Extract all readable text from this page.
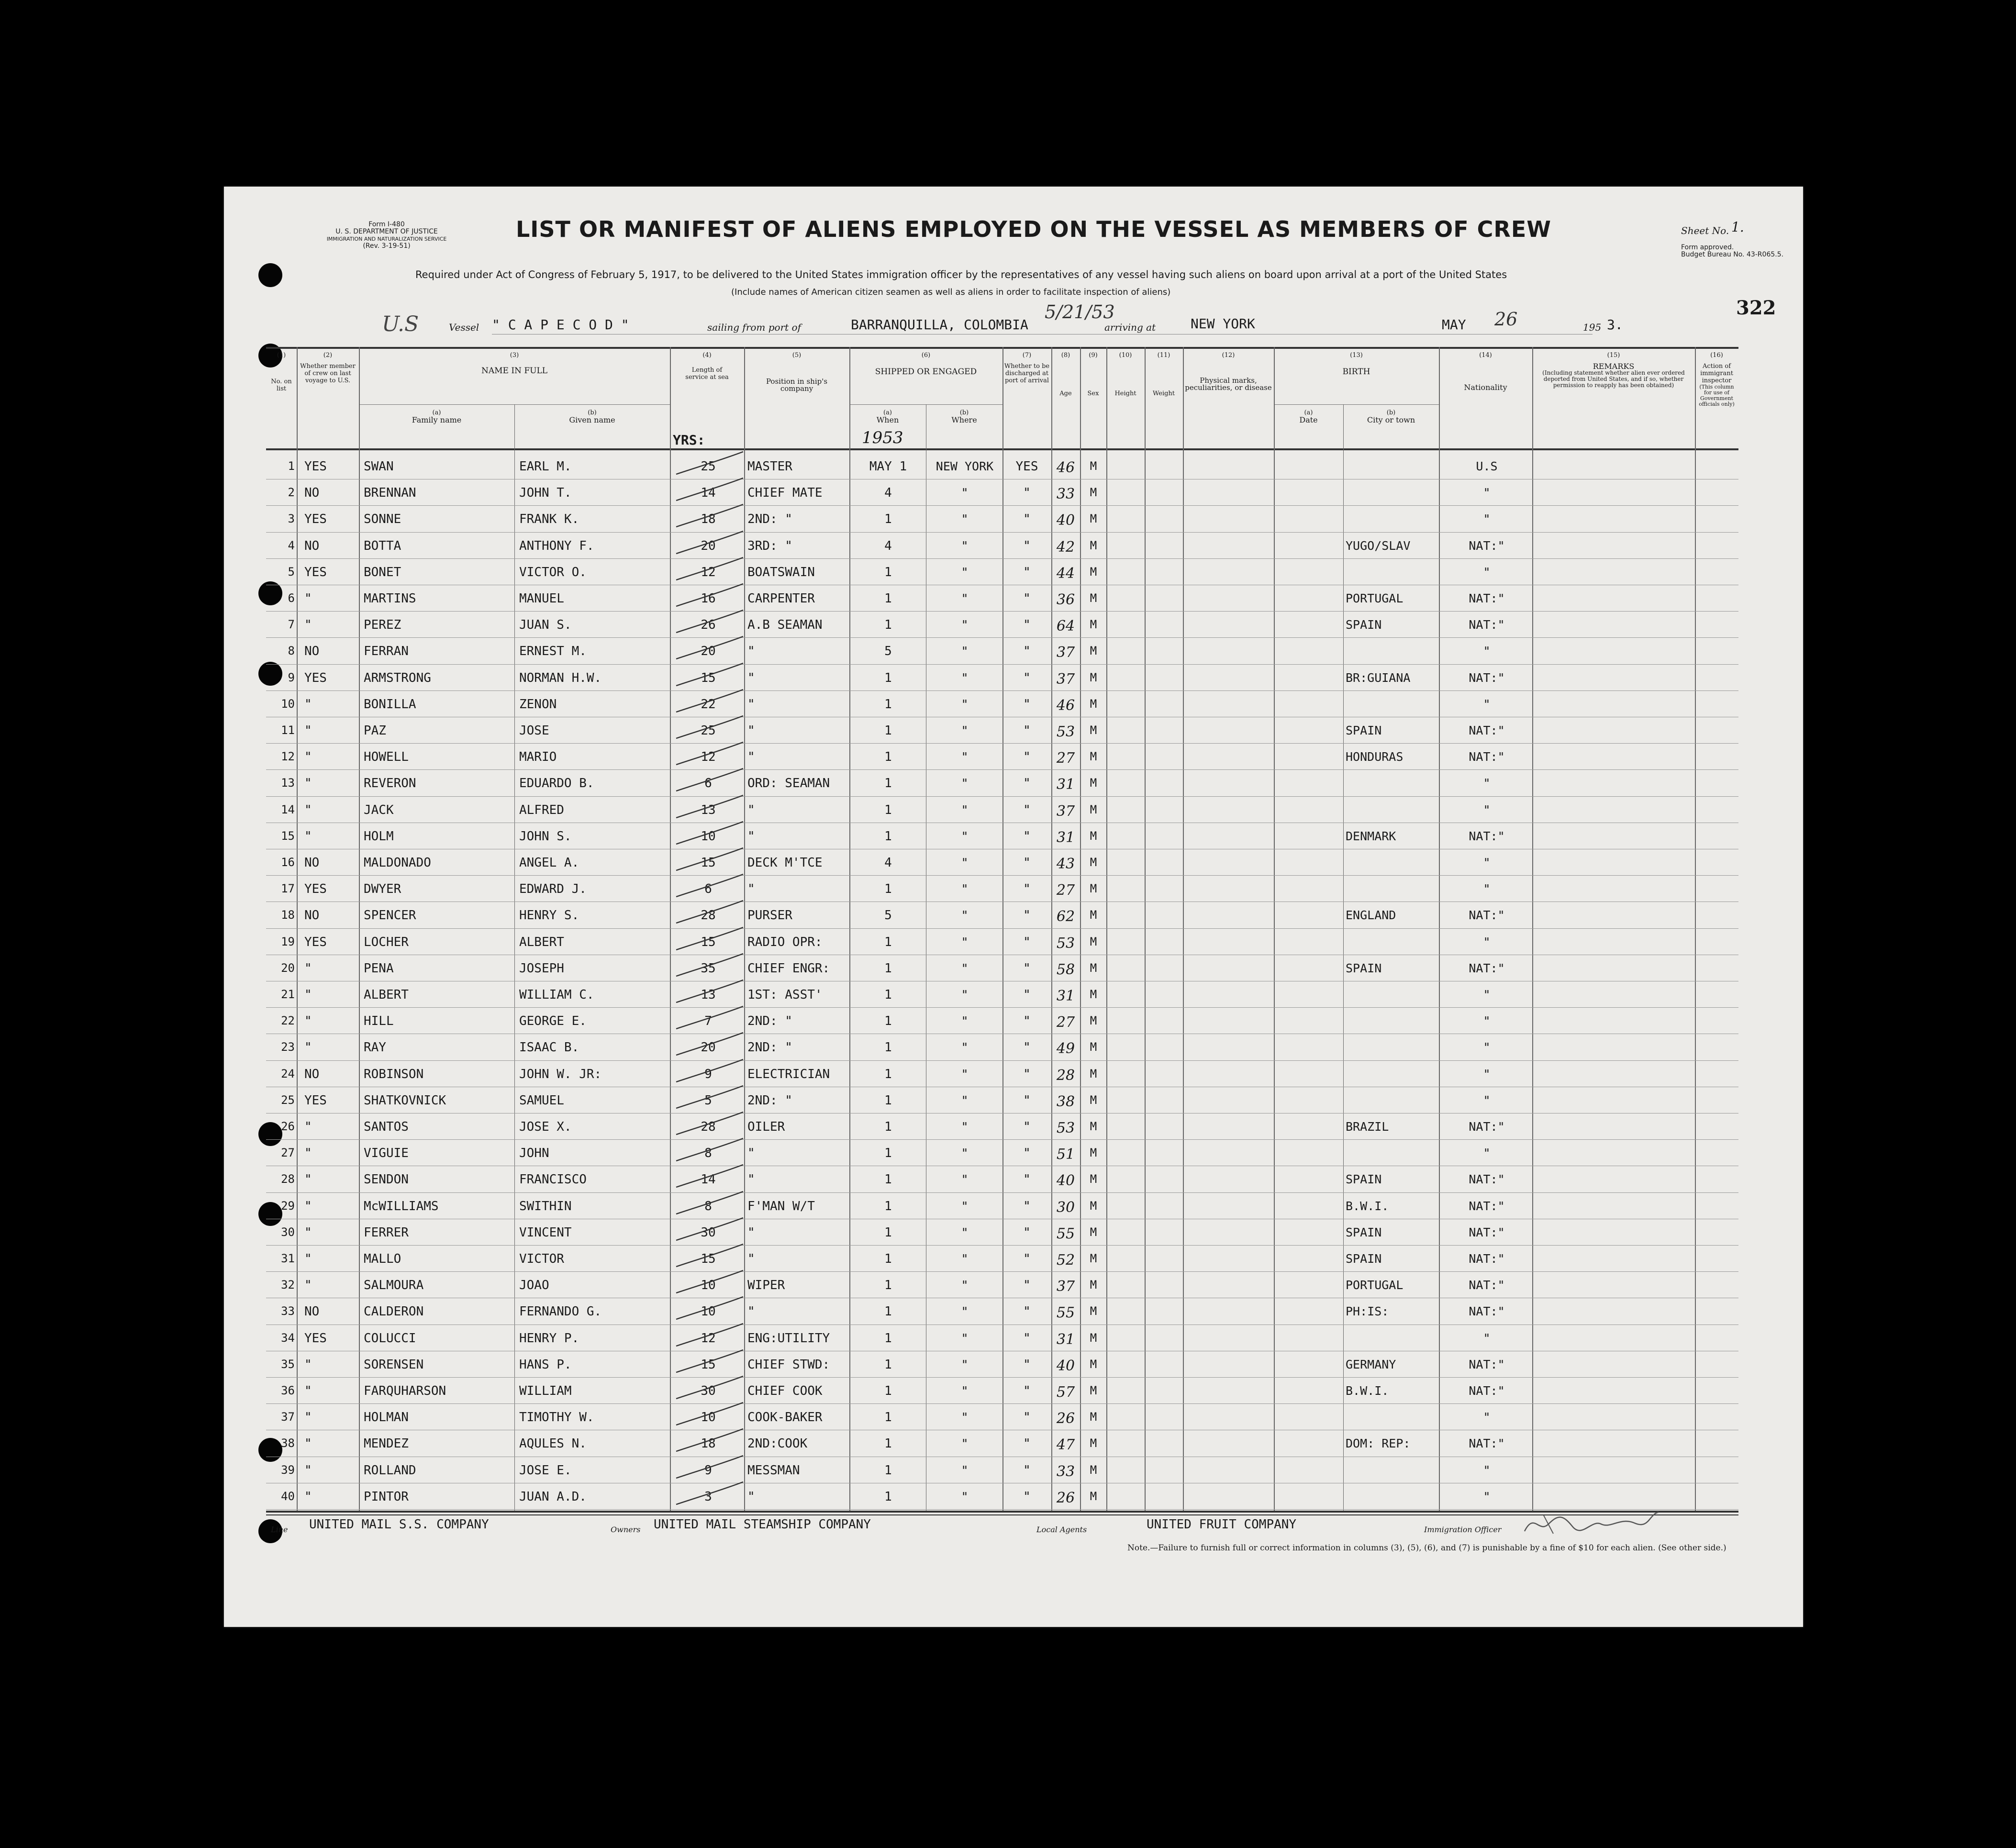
Form I-480
U. S. DEPARTMENT OF JUSTICE
IMMIGRATION AND NATURALIZATION SERVICE
(Rev. 3-19-51)
LIST OR MANIFEST OF ALIENS EMPLOYED ON THE VESSEL AS MEMBERS OF CREW	Sheet No. 1.
Form approved.
Budget Bureau No. 43-R065.5.
Required under Act of Congress of February 5, 1917, to be delivered to the United States immigration officer by the representatives of any vessel having such aliens on board upon arrival at a port of the United States
(Include names of American citizen seamen as well as aliens in order to facilitate inspection of aliens)
322
U.S	Vessel " C A P E C O D "	sailing from port of	BARRANQUILLA, COLOMBIA
5/21/53
arriving at	NEW YORK	MAY 26	195 3.
(1)
No. on list
(2)
Whether member of crew on last voyage to U.S.
(3)
NAME IN FULL
(a)
Family name
(b)
Given name
(4)
Length of service at sea
YRS:
(5)
Position in ship's company
(6)
SHIPPED OR ENGAGED
(a)
When
1953
(b)
Where
(7)
Whether to be discharged at port of arrival
(8)
Age
(9)
Sex
(10)
Height
(11)
Weight
(12)
Physical marks, peculiarities, or disease
(13)
BIRTH
(a)
Date
(b)
City or town
(14)
Nationality
(15)
REMARKS
(Including statement whether alien ever ordered deported from United States, and if so, whether permission to reapply has been obtained)
(16)
Action of immigrant inspector
(This column for use of Government officials only)
1 YES	SWAN	EARL M.	25	MASTER	MAY 1	NEW YORK	YES	46	M	U.S
2 NO	BRENNAN	JOHN T.	14	CHIEF MATE	4	"	"	33	M	"
3 YES	SONNE	FRANK K.	18	2ND: "	1	"	"	40	M	"
4 NO	BOTTA	ANTHONY F.	20	3RD: "	4	"	"	42	M	YUGO/SLAV	NAT:"
5 YES	BONET	VICTOR O.	12	BOATSWAIN	1	"	"	44	M	"
6 "	MARTINS	MANUEL	16	CARPENTER	1	"	"	36	M	PORTUGAL	NAT:"
7 "	PEREZ	JUAN S.	26	A.B SEAMAN	1	"	"	64	M	SPAIN	NAT:"
8 NO	FERRAN	ERNEST M.	20	"	5	"	"	37	M	"
9 YES	ARMSTRONG	NORMAN H.W.	15	"	1	"	"	37	M	BR:GUIANA	NAT:"
10 "	BONILLA	ZENON	22	"	1	"	"	46	M	"
11 "	PAZ	JOSE	25	"	1	"	"	53	M	SPAIN	NAT:"
12 "	HOWELL	MARIO	12	"	1	"	"	27	M	HONDURAS	NAT:"
13 "	REVERON	EDUARDO B.	6	ORD: SEAMAN	1	"	"	31	M	"
14 "	JACK	ALFRED	13	"	1	"	"	37	M	"
15 "	HOLM	JOHN S.	10	"	1	"	"	31	M	DENMARK	NAT:"
16 NO	MALDONADO	ANGEL A.	15	DECK M'TCE	4	"	"	43	M	"
17 YES	DWYER	EDWARD J.	6	"	1	"	"	27	M	"
18 NO	SPENCER	HENRY S.	28	PURSER	5	"	"	62	M	ENGLAND	NAT:"
19 YES	LOCHER	ALBERT	15	RADIO OPR:	1	"	"	53	M	"
20 "	PENA	JOSEPH	35	CHIEF ENGR:	1	"	"	58	M	SPAIN	NAT:"
21 "	ALBERT	WILLIAM C.	13	1ST: ASST'	1	"	"	31	M	"
22 "	HILL	GEORGE E.	7	2ND: "	1	"	"	27	M	"
23 "	RAY	ISAAC B.	20	2ND: "	1	"	"	49	M	"
24 NO	ROBINSON	JOHN W. JR:	9	ELECTRICIAN	1	"	"	28	M	"
25 YES	SHATKOVNICK	SAMUEL	5	2ND: "	1	"	"	38	M	"
26 "	SANTOS	JOSE X.	28	OILER	1	"	"	53	M	BRAZIL	NAT:"
27 "	VIGUIE	JOHN	8	"	1	"	"	51	M	"
28 "	SENDON	FRANCISCO	14	"	1	"	"	40	M	SPAIN	NAT:"
29 "	McWILLIAMS	SWITHIN	8	F'MAN W/T	1	"	"	30	M	B.W.I.	NAT:"
30 "	FERRER	VINCENT	30	"	1	"	"	55	M	SPAIN	NAT:"
31 "	MALLO	VICTOR	15	"	1	"	"	52	M	SPAIN	NAT:"
32 "	SALMOURA	JOAO	10	WIPER	1	"	"	37	M	PORTUGAL	NAT:"
33 NO	CALDERON	FERNANDO G.	10	"	1	"	"	55	M	PH:IS:	NAT:"
34 YES	COLUCCI	HENRY P.	12	ENG:UTILITY	1	"	"	31	M	"
35 "	SORENSEN	HANS P.	15	CHIEF STWD:	1	"	"	40	M	GERMANY	NAT:"
36 "	FARQUHARSON	WILLIAM	30	CHIEF COOK	1	"	"	57	M	B.W.I.	NAT:"
37 "	HOLMAN	TIMOTHY W.	10	COOK-BAKER	1	"	"	26	M	"
38 "	MENDEZ	AQULES N.	18	2ND:COOK	1	"	"	47	M	DOM: REP:	NAT:"
39 "	ROLLAND	JOSE E.	9	MESSMAN	1	"	"	33	M	"
40 "	PINTOR	JUAN A.D.	3	"	1	"	"	26	M	"
Line UNITED MAIL S.S. COMPANY	Owners UNITED MAIL STEAMSHIP COMPANY	Local Agents	UNITED FRUIT COMPANY	Immigration Officer
Note.—Failure to furnish full or correct information in columns (3), (5), (6), and (7) is punishable by a fine of $10 for each alien. (See other side.)
